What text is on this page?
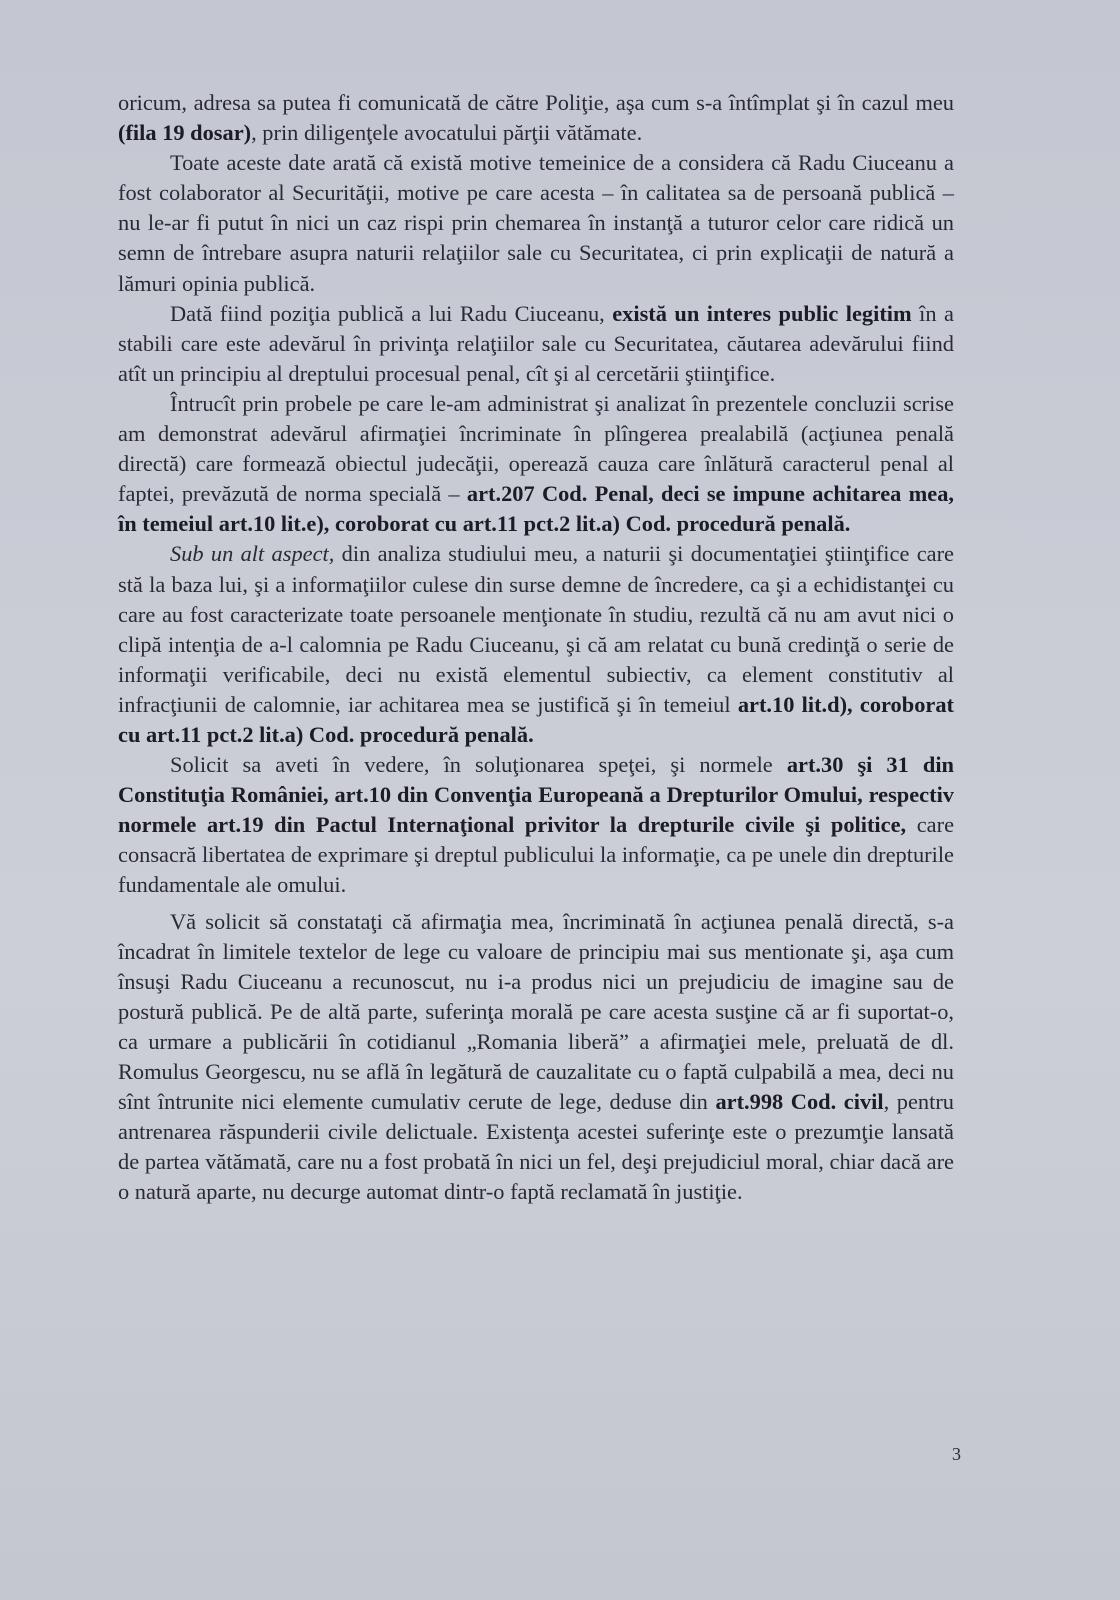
oricum, adresa sa putea fi comunicată de către Poliţie, aşa cum s-a întîmplat şi în cazul meu (fila 19 dosar), prin diligenţele avocatului părţii vătămate.

Toate aceste date arată că există motive temeinice de a considera că Radu Ciuceanu a fost colaborator al Securităţii, motive pe care acesta – în calitatea sa de persoană publică – nu le-ar fi putut în nici un caz rispi prin chemarea în instanţă a tuturor celor care ridică un semn de întrebare asupra naturii relaţiilor sale cu Securitatea, ci prin explicaţii de natură a lămuri opinia publică.

Dată fiind poziţia publică a lui Radu Ciuceanu, există un interes public legitim în a stabili care este adevărul în privinţa relaţiilor sale cu Securitatea, căutarea adevărului fiind atît un principiu al dreptului procesual penal, cît şi al cercetării ştiinţifice.

Întrucît prin probele pe care le-am administrat şi analizat în prezentele concluzii scrise am demonstrat adevărul afirmaţiei încriminate în plîngerea prealabilă (acţiunea penală directă) care formează obiectul judecăţii, operează cauza care înlătură caracterul penal al faptei, prevăzută de norma specială – art.207 Cod. Penal, deci se impune achitarea mea, în temeiul art.10 lit.e), coroborat cu art.11 pct.2 lit.a) Cod. procedură penală.

Sub un alt aspect, din analiza studiului meu, a naturii şi documentaţiei ştiinţifice care stă la baza lui, şi a informaţiilor culese din surse demne de încredere, ca şi a echidistanţei cu care au fost caracterizate toate persoanele menţionate în studiu, rezultă că nu am avut nici o clipă intenţia de a-l calomnia pe Radu Ciuceanu, şi că am relatat cu bună credinţă o serie de informaţii verificabile, deci nu există elementul subiectiv, ca element constitutiv al infracţiunii de calomnie, iar achitarea mea se justifică şi în temeiul art.10 lit.d), coroborat cu art.11 pct.2 lit.a) Cod. procedură penală.

Solicit sa aveti în vedere, în soluţionarea speţei, şi normele art.30 şi 31 din Constituţia României, art.10 din Convenţia Europeană a Drepturilor Omului, respectiv normele art.19 din Pactul Internaţional privitor la drepturile civile şi politice, care consacră libertatea de exprimare şi dreptul publicului la informaţie, ca pe unele din drepturile fundamentale ale omului.

Vă solicit să constataţi că afirmaţia mea, încriminată în acţiunea penală directă, s-a încadrat în limitele textelor de lege cu valoare de principiu mai sus mentionate şi, aşa cum însuşi Radu Ciuceanu a recunoscut, nu i-a produs nici un prejudiciu de imagine sau de postură publică. Pe de altă parte, suferinţa morală pe care acesta susţine că ar fi suportat-o, ca urmare a publicării în cotidianul „Romania liberă” a afirmaţiei mele, preluată de dl. Romulus Georgescu, nu se află în legătură de cauzalitate cu o faptă culpabilă a mea, deci nu sînt întrunite nici elemente cumulativ cerute de lege, deduse din art.998 Cod. civil, pentru antrenarea răspunderii civile delictuale. Existenţa acestei suferinţe este o prezumţie lansată de partea vătămată, care nu a fost probată în nici un fel, deşi prejudiciul moral, chiar dacă are o natură aparte, nu decurge automat dintr-o faptă reclamată în justiţie.

3
